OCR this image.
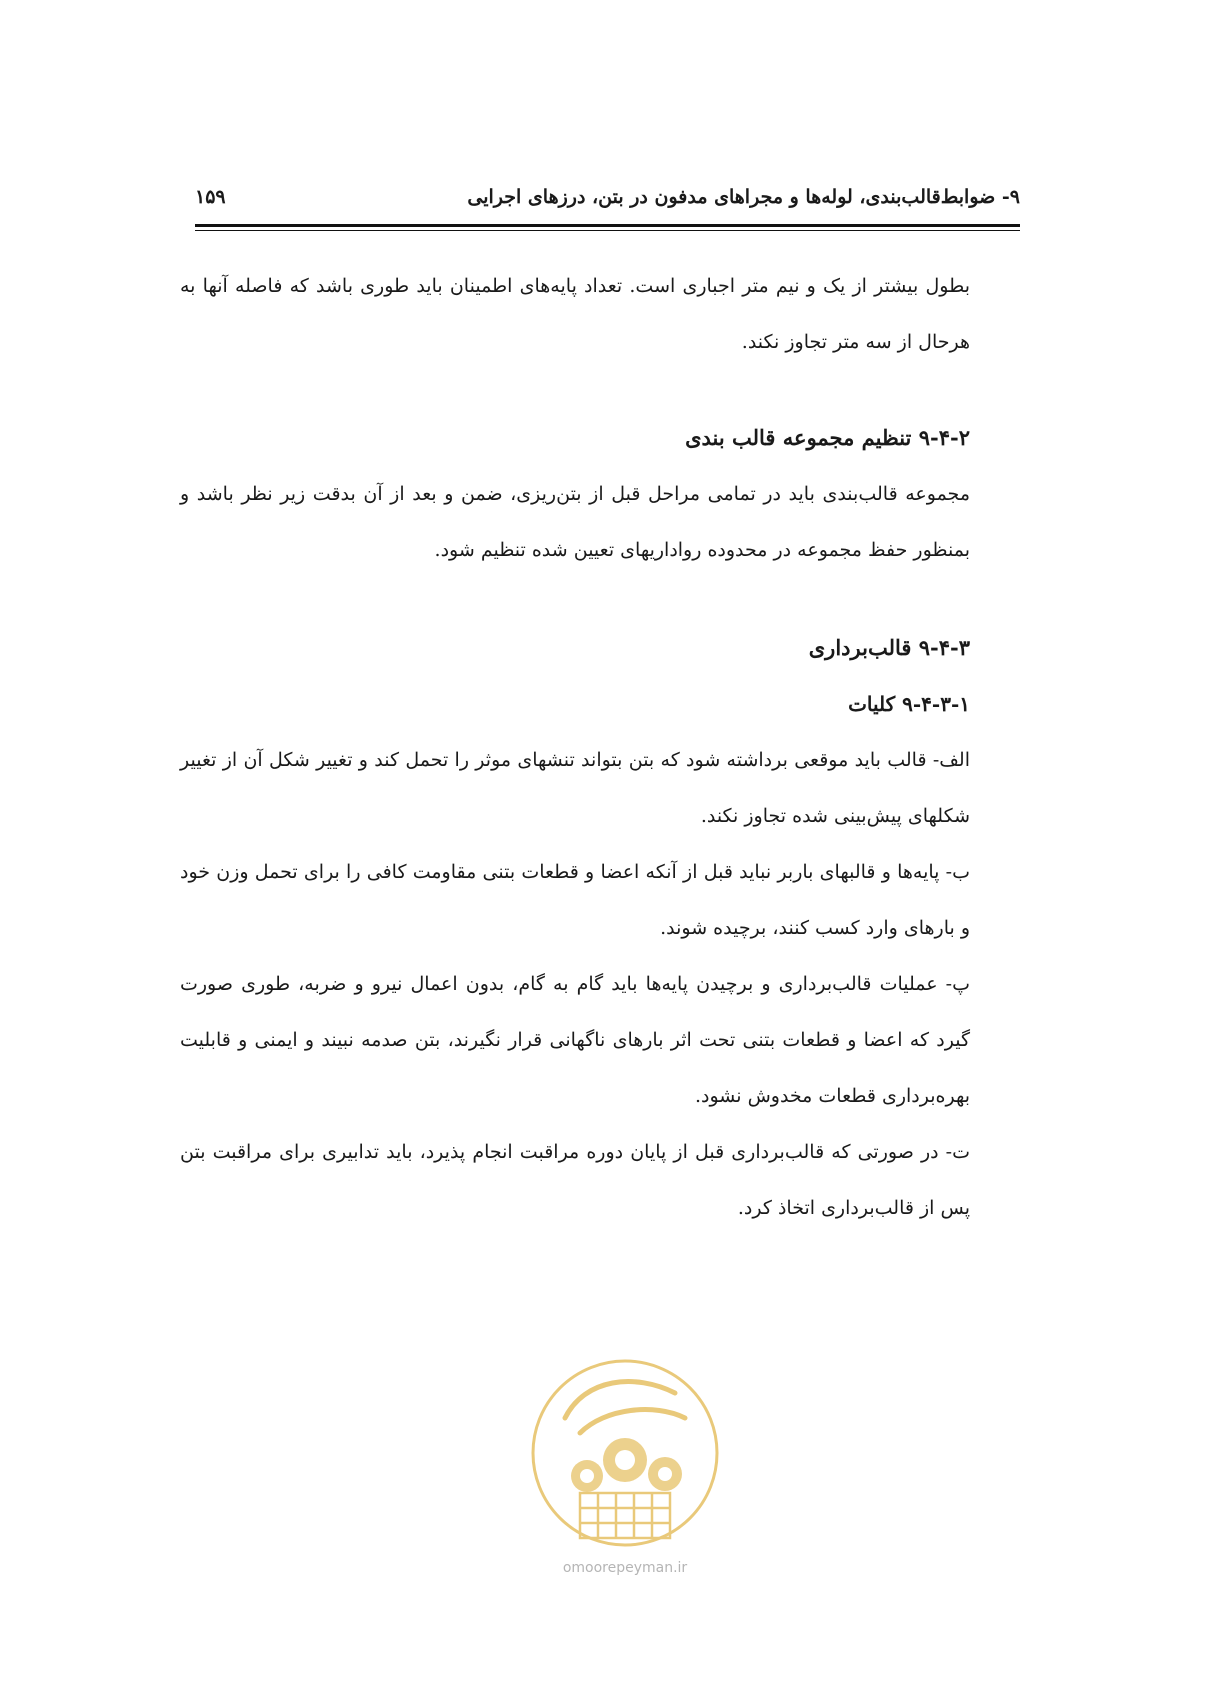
۹- ضوابط‌قالب‌بندی، لوله‌ها و مجراهای مدفون در بتن، درزهای اجرایی
۱۵۹

بطول بیشتر از یک و نیم متر اجباری است. تعداد پایه‌های اطمینان باید طوری باشد که فاصله آنها به هرحال از سه متر تجاوز نکند.

۹-۴-۲ تنظیم مجموعه قالب بندی

مجموعه قالب‌بندی باید در تمامی مراحل قبل از بتن‌ریزی، ضمن و بعد از آن بدقت زیر نظر باشد و بمنظور حفظ مجموعه در محدوده رواداریهای تعیین شده تنظیم شود.

۹-۴-۳ قالب‌برداری

۹-۴-۳-۱ کلیات

الف- قالب باید موقعی برداشته شود که بتن بتواند تنشهای موثر را تحمل کند و تغییر شکل آن از تغییر شکلهای پیش‌بینی شده تجاوز نکند.

ب- پایه‌ها و قالبهای باربر نباید قبل از آنکه اعضا و قطعات بتنی مقاومت کافی را برای تحمل وزن خود و بارهای وارد کسب کنند، برچیده شوند.

پ- عملیات قالب‌برداری و برچیدن پایه‌ها باید گام به گام، بدون اعمال نیرو و ضربه، طوری صورت گیرد که اعضا و قطعات بتنی تحت اثر بارهای ناگهانی قرار نگیرند، بتن صدمه نبیند و ایمنی و قابلیت بهره‌برداری قطعات مخدوش نشود.

ت- در صورتی که قالب‌برداری قبل از پایان دوره مراقبت انجام پذیرد، باید تدابیری برای مراقبت بتن پس از قالب‌برداری اتخاذ کرد.

omoorepeyman.ir
